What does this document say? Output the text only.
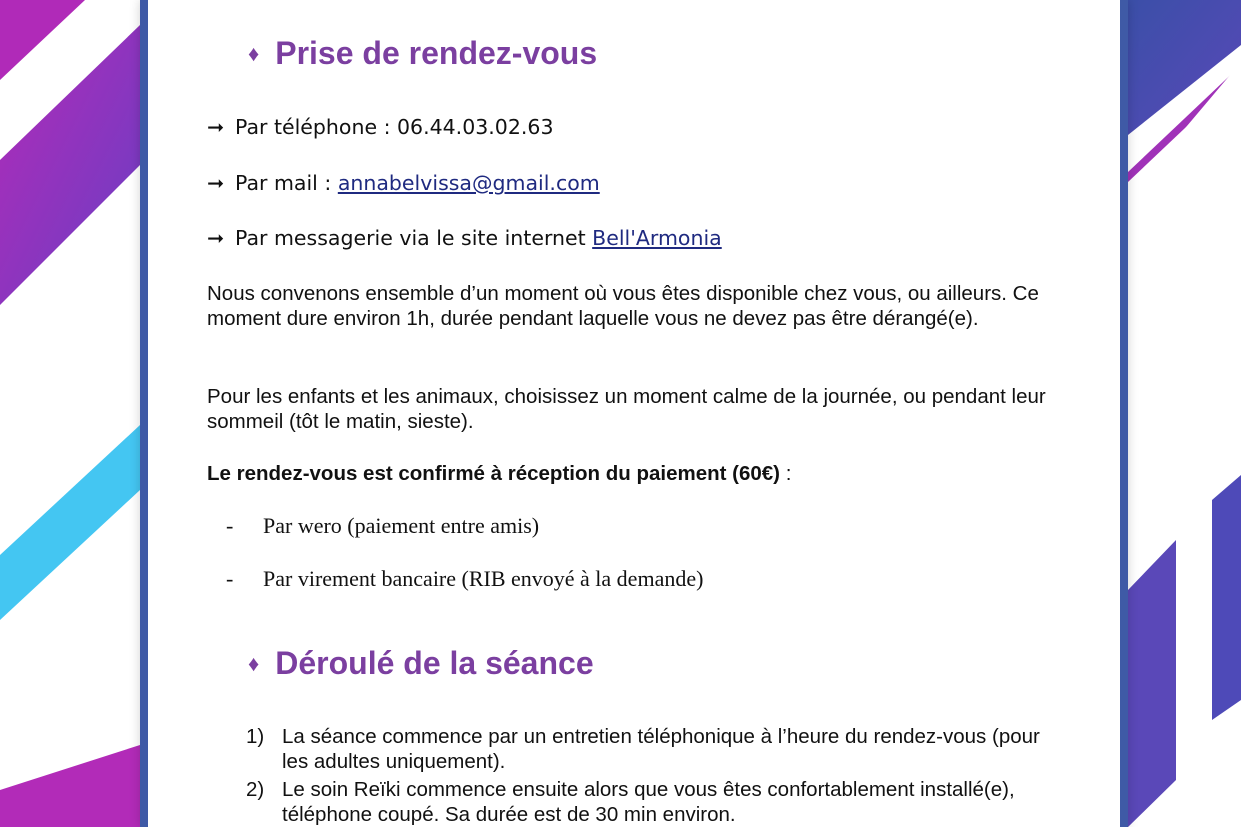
♦ Prise de rendez-vous
➞ Par téléphone : 06.44.03.02.63
➞ Par mail : annabelvissa@gmail.com
➞ Par messagerie via le site internet Bell'Armonia

Nous convenons ensemble d’un moment où vous êtes disponible chez vous, ou ailleurs. Ce moment dure environ 1h, durée pendant laquelle vous ne devez pas être dérangé(e).

Pour les enfants et les animaux, choisissez un moment calme de la journée, ou pendant leur sommeil (tôt le matin, sieste).

Le rendez-vous est confirmé à réception du paiement (60€) :

- Par wero (paiement entre amis)
- Par virement bancaire (RIB envoyé à la demande)
♦ Déroulé de la séance
1) La séance commence par un entretien téléphonique à l’heure du rendez-vous (pour les adultes uniquement).
2) Le soin Reïki commence ensuite alors que vous êtes confortablement installé(e), téléphone coupé. Sa durée est de 30 min environ.
